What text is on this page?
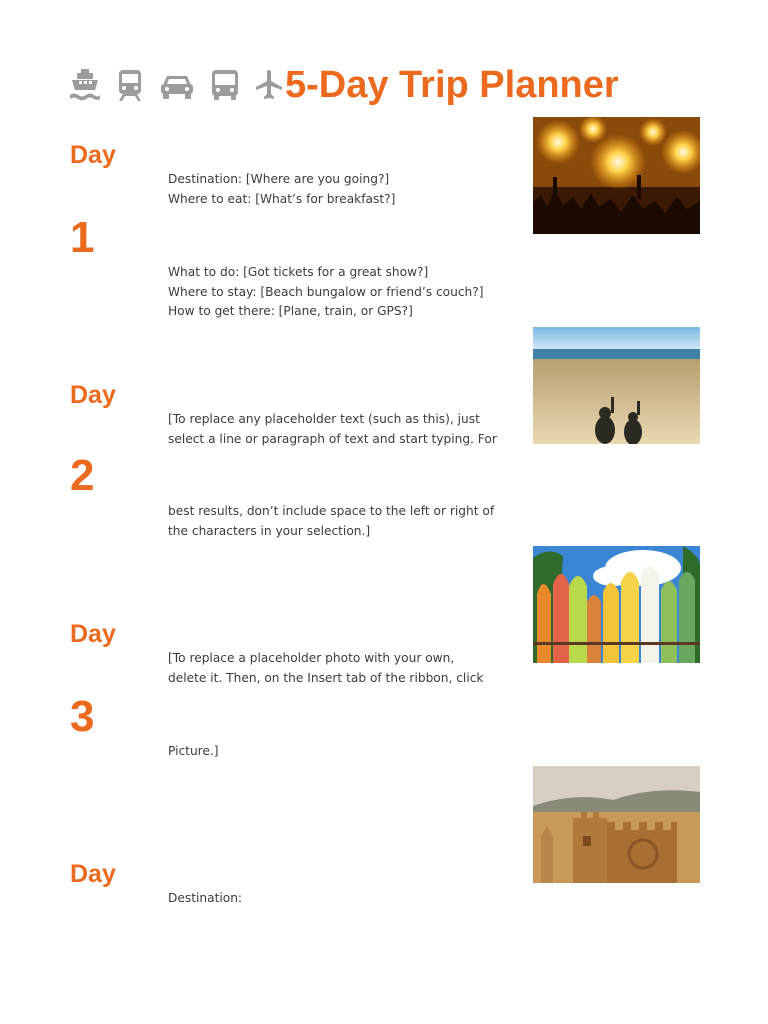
5-Day Trip Planner
Day
1
Destination: [Where are you going?]
Where to eat: [What’s for breakfast?]
What to do: [Got tickets for a great show?]
Where to stay: [Beach bungalow or friend’s couch?]
How to get there: [Plane, train, or GPS?]
Day
2
[To replace any placeholder text (such as this), just
select a line or paragraph of text and start typing. For
best results, don’t include space to the left or right of
the characters in your selection.]
Day
3
[To replace a placeholder photo with your own,
delete it. Then, on the Insert tab of the ribbon, click
Picture.]
Day
Destination:
